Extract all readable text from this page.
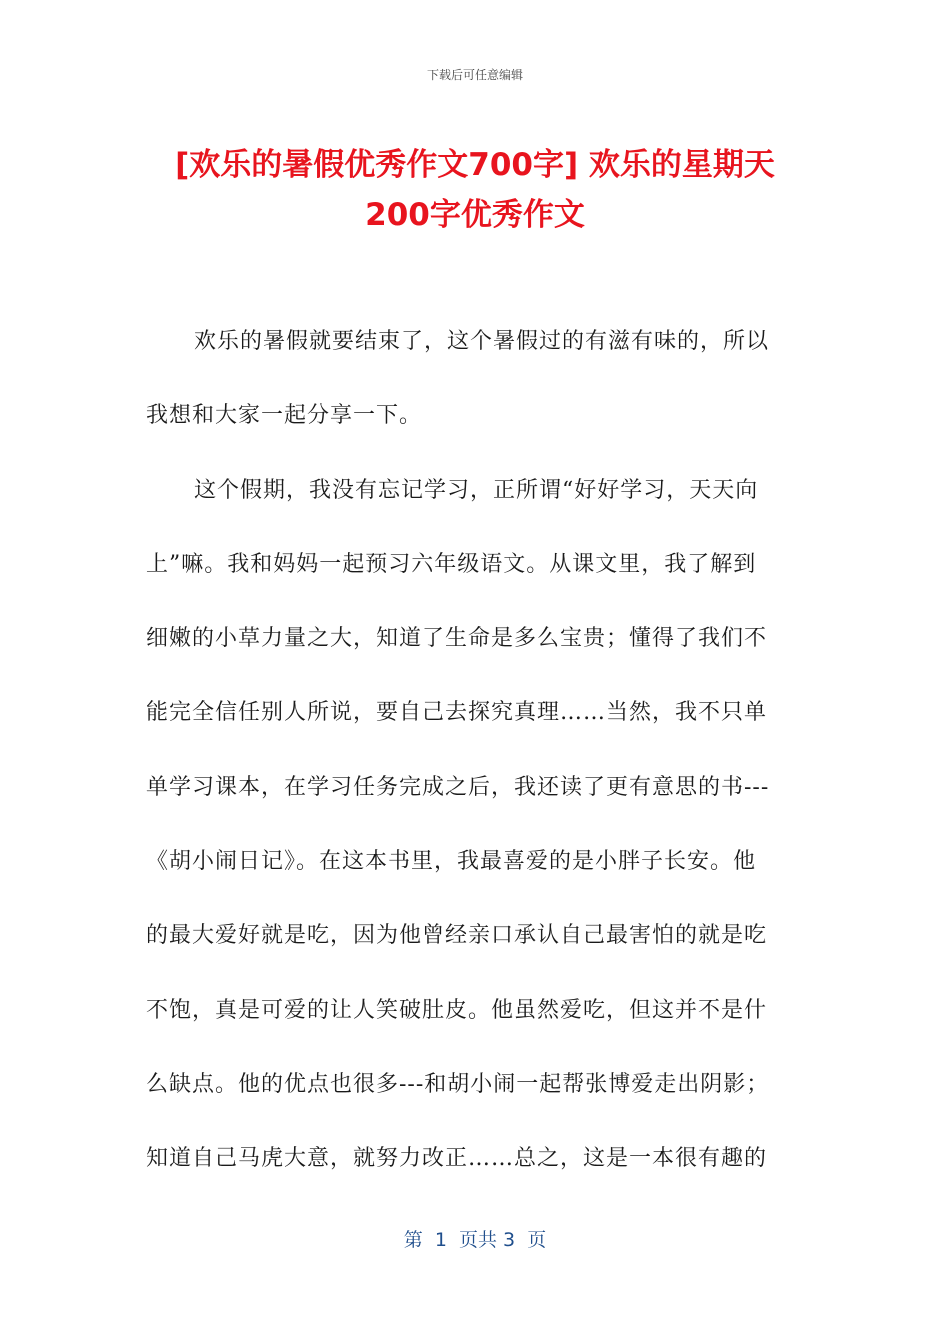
下载后可任意编辑
[欢乐的暑假优秀作文700字] 欢乐的星期天
200字优秀作文
欢乐的暑假就要结束了，这个暑假过的有滋有味的，所以
我想和大家一起分享一下。
这个假期，我没有忘记学习，正所谓“好好学习，天天向
上”嘛。我和妈妈一起预习六年级语文。从课文里，我了解到
细嫩的小草力量之大，知道了生命是多么宝贵；懂得了我们不
能完全信任别人所说，要自己去探究真理……当然，我不只单
单学习课本，在学习任务完成之后，我还读了更有意思的书---
《胡小闹日记》。在这本书里，我最喜爱的是小胖子长安。他
的最大爱好就是吃，因为他曾经亲口承认自己最害怕的就是吃
不饱，真是可爱的让人笑破肚皮。他虽然爱吃，但这并不是什
么缺点。他的优点也很多---和胡小闹一起帮张博爱走出阴影；
知道自己马虎大意，就努力改正……总之，这是一本很有趣的
第  1  页共 3  页
